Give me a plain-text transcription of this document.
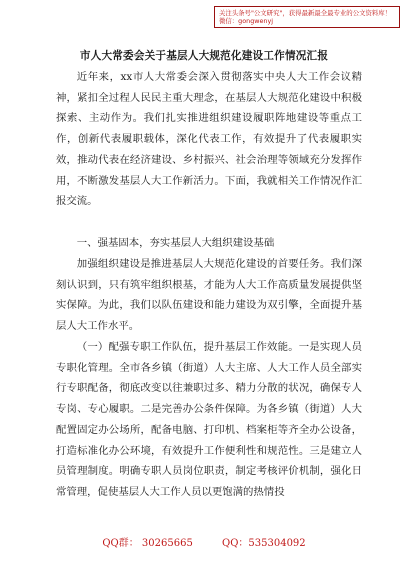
关注头条号"公文研究"，获得最新最全最专业的公文资料库！ 微信：gongwenyj
市人大常委会关于基层人大规范化建设工作情况汇报
近年来，xx市人大常委会深入贯彻落实中央人大工作会议精神，紧扣全过程人民民主重大理念，在基层人大规范化建设中积极探索、主动作为。我们扎实推进组织建设履职阵地建设等重点工作，创新代表履职载体，深化代表工作，有效提升了代表履职实效，推动代表在经济建设、乡村振兴、社会治理等领域充分发挥作用，不断激发基层人大工作新活力。下面，我就相关工作情况作汇报交流。
一、强基固本，夯实基层人大组织建设基础
加强组织建设是推进基层人大规范化建设的首要任务。我们深刻认识到，只有筑牢组织根基，才能为人大工作高质量发展提供坚实保障。为此，我们以队伍建设和能力建设为双引擎，全面提升基层人大工作水平。
（一）配强专职工作队伍，提升基层工作效能。一是实现人员专职化管理。全市各乡镇（街道）人大主席、人大工作人员全部实行专职配备，彻底改变以往兼职过多、精力分散的状况，确保专人专岗、专心履职。二是完善办公条件保障。为各乡镇（街道）人大配置固定办公场所，配备电脑、打印机、档案柜等齐全办公设备，打造标准化办公环境，有效提升工作便利性和规范性。三是建立人员管理制度。明确专职人员岗位职责，制定考核评价机制，强化日常管理，促使基层人大工作人员以更饱满的热情投
QQ群： 30265665	QQ：535304092
